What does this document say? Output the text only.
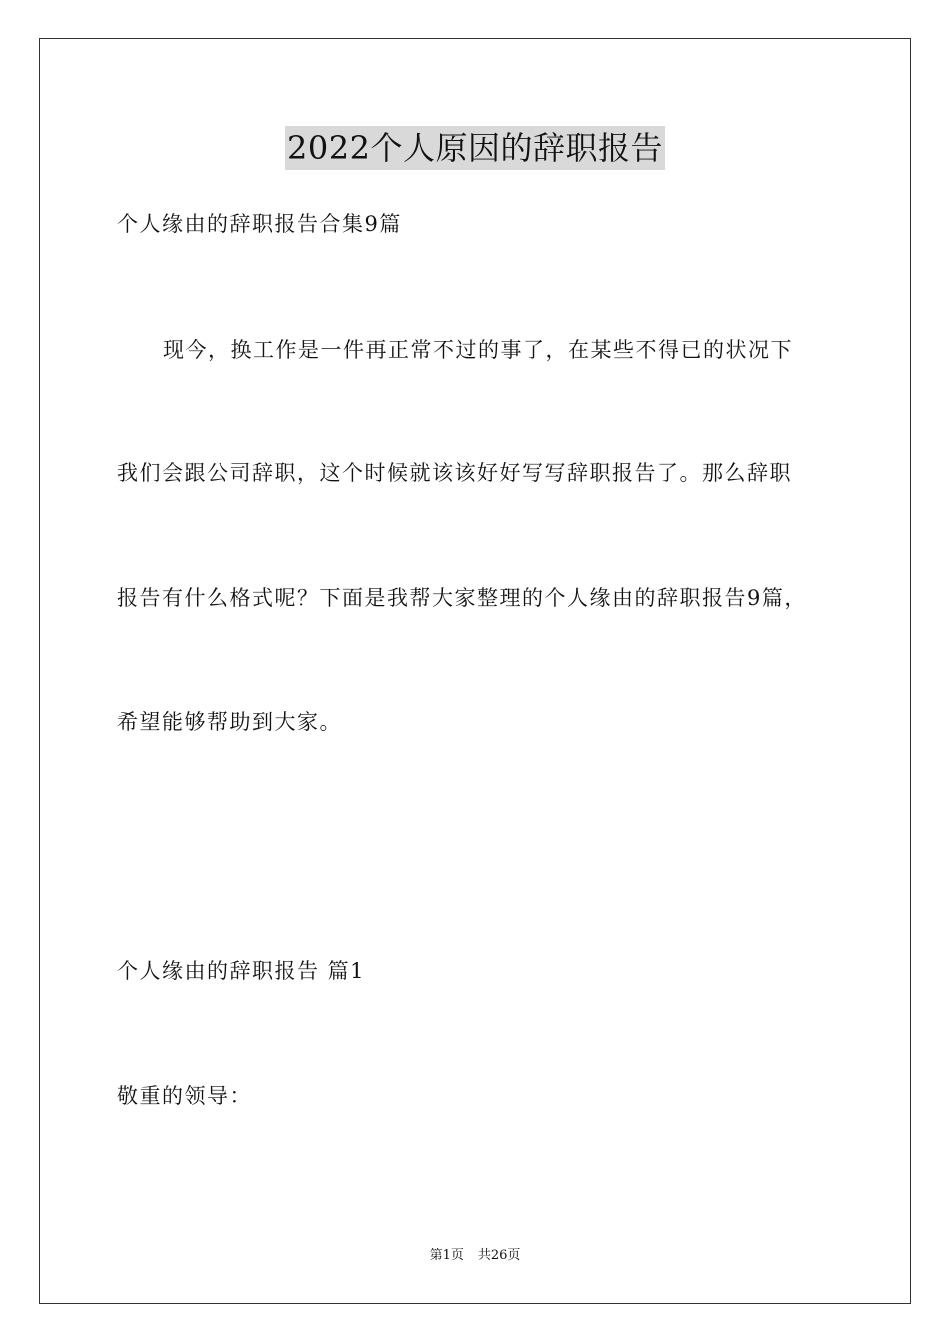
2022个人原因的辞职报告
个人缘由的辞职报告合集9篇
现今，换工作是一件再正常不过的事了，在某些不得已的状况下
我们会跟公司辞职，这个时候就该该好好写写辞职报告了。那么辞职
报告有什么格式呢？下面是我帮大家整理的个人缘由的辞职报告9篇，
希望能够帮助到大家。
个人缘由的辞职报告 篇1
敬重的领导：
第1页 共26页
